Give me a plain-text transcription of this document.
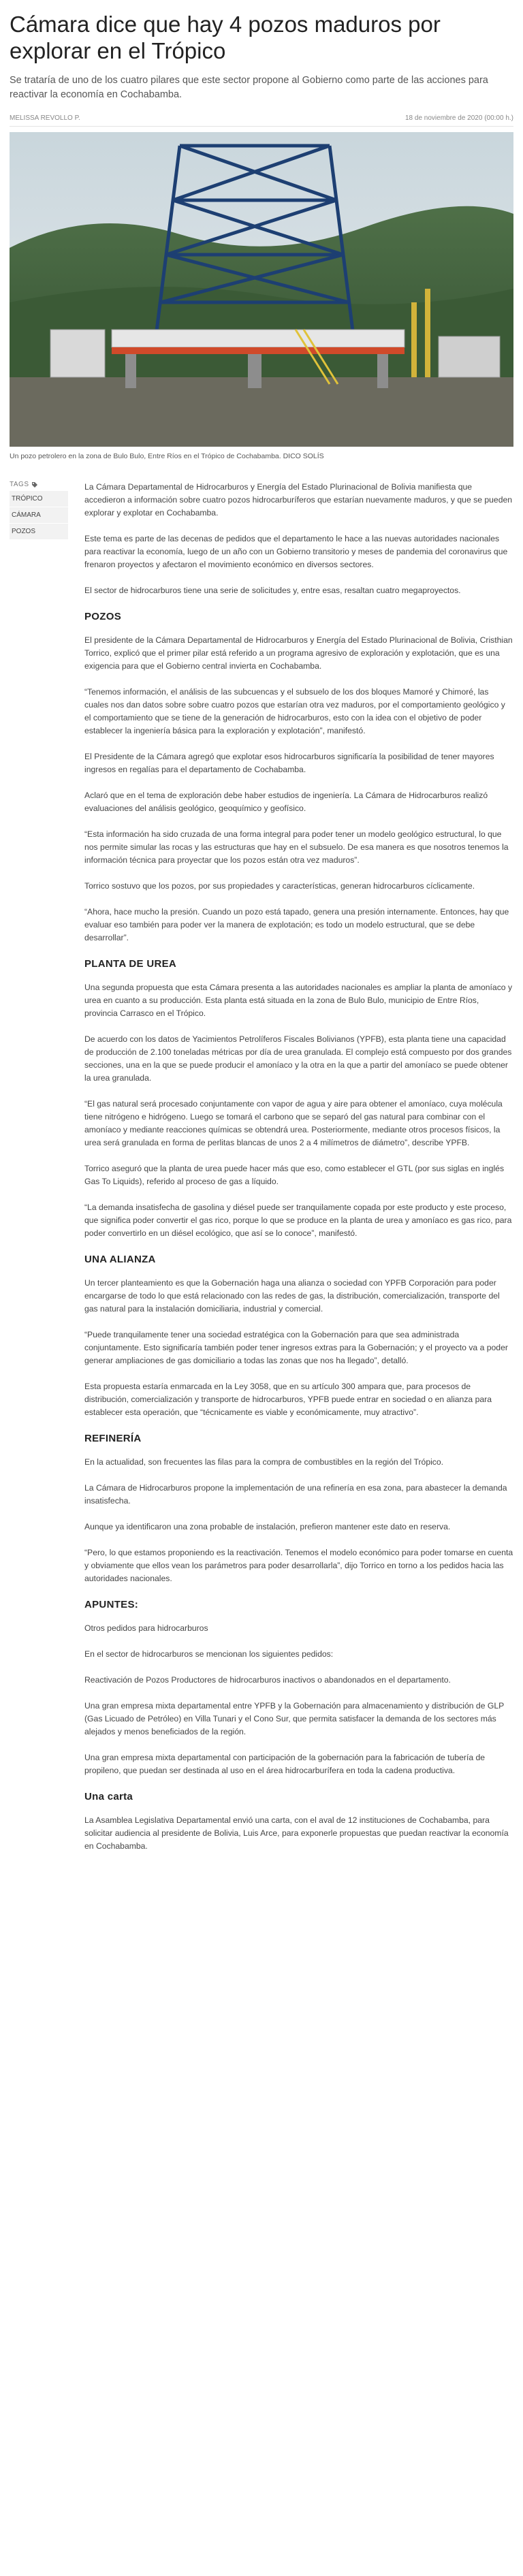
Cámara dice que hay 4 pozos maduros por explorar en el Trópico

Se trataría de uno de los cuatro pilares que este sector propone al Gobierno como parte de las acciones para reactivar la economía en Cochabamba.

MELISSA REVOLLO P.	18 de noviembre de 2020 (00:00 h.)

Un pozo petrolero en la zona de Bulo Bulo, Entre Ríos en el Trópico de Cochabamba. DICO SOLÍS

TAGS
TRÓPICO
CÁMARA
POZOS

La Cámara Departamental de Hidrocarburos y Energía del Estado Plurinacional de Bolivia manifiesta que accedieron a información sobre cuatro pozos hidrocarburíferos que estarían nuevamente maduros, y que se pueden explorar y explotar en Cochabamba.

Este tema es parte de las decenas de pedidos que el departamento le hace a las nuevas autoridades nacionales para reactivar la economía, luego de un año con un Gobierno transitorio y meses de pandemia del coronavirus que frenaron proyectos y afectaron el movimiento económico en diversos sectores.

El sector de hidrocarburos tiene una serie de solicitudes y, entre esas, resaltan cuatro megaproyectos.

POZOS

El presidente de la Cámara Departamental de Hidrocarburos y Energía del Estado Plurinacional de Bolivia, Cristhian Torrico, explicó que el primer pilar está referido a un programa agresivo de exploración y explotación, que es una exigencia para que el Gobierno central invierta en Cochabamba.

“Tenemos información, el análisis de las subcuencas y el subsuelo de los dos bloques Mamoré y Chimoré, las cuales nos dan datos sobre sobre cuatro pozos que estarían otra vez maduros, por el comportamiento geológico y el comportamiento que se tiene de la generación de hidrocarburos, esto con la idea con el objetivo de poder establecer la ingeniería básica para la exploración y explotación”, manifestó.

El Presidente de la Cámara agregó que explotar esos hidrocarburos significaría la posibilidad de tener mayores ingresos en regalías para el departamento de Cochabamba.

Aclaró que en el tema de exploración debe haber estudios de ingeniería. La Cámara de Hidrocarburos realizó evaluaciones del análisis geológico, geoquímico y geofísico.

“Esta información ha sido cruzada de una forma integral para poder tener un modelo geológico estructural, lo que nos permite simular las rocas y las estructuras que hay en el subsuelo. De esa manera es que nosotros tenemos la información técnica para proyectar que los pozos están otra vez maduros”.

Torrico sostuvo que los pozos, por sus propiedades y características, generan hidrocarburos cíclicamente.

“Ahora, hace mucho la presión. Cuando un pozo está tapado, genera una presión internamente. Entonces, hay que evaluar eso también para poder ver la manera de explotación; es todo un modelo estructural, que se debe desarrollar”.

PLANTA DE UREA

Una segunda propuesta que esta Cámara presenta a las autoridades nacionales es ampliar la planta de amoníaco y urea en cuanto a su producción. Esta planta está situada en la zona de Bulo Bulo, municipio de Entre Ríos, provincia Carrasco en el Trópico.

De acuerdo con los datos de Yacimientos Petrolíferos Fiscales Bolivianos (YPFB), esta planta tiene una capacidad de producción de 2.100 toneladas métricas por día de urea granulada. El complejo está compuesto por dos grandes secciones, una en la que se puede producir el amoníaco y la otra en la que a partir del amoníaco se puede obtener la urea granulada.

“El gas natural será procesado conjuntamente con vapor de agua y aire para obtener el amoníaco, cuya molécula tiene nitrógeno e hidrógeno. Luego se tomará el carbono que se separó del gas natural para combinar con el amoníaco y mediante reacciones químicas se obtendrá urea. Posteriormente, mediante otros procesos físicos, la urea será granulada en forma de perlitas blancas de unos 2 a 4 milímetros de diámetro”, describe YPFB.

Torrico aseguró que la planta de urea puede hacer más que eso, como establecer el GTL (por sus siglas en inglés Gas To Liquids), referido al proceso de gas a líquido.

“La demanda insatisfecha de gasolina y diésel puede ser tranquilamente copada por este producto y este proceso, que significa poder convertir el gas rico, porque lo que se produce en la planta de urea y amoníaco es gas rico, para poder convertirlo en un diésel ecológico, que así se lo conoce”, manifestó.

UNA ALIANZA

Un tercer planteamiento es que la Gobernación haga una alianza o sociedad con YPFB Corporación para poder encargarse de todo lo que está relacionado con las redes de gas, la distribución, comercialización, transporte del gas natural para la instalación domiciliaria, industrial y comercial.

“Puede tranquilamente tener una sociedad estratégica con la Gobernación para que sea administrada conjuntamente. Esto significaría también poder tener ingresos extras para la Gobernación; y el proyecto va a poder generar ampliaciones de gas domiciliario a todas las zonas que nos ha llegado”, detalló.

Esta propuesta estaría enmarcada en la Ley 3058, que en su artículo 300 ampara que, para procesos de distribución, comercialización y transporte de hidrocarburos, YPFB puede entrar en sociedad o en alianza para establecer esta operación, que “técnicamente es viable y económicamente, muy atractivo”.

REFINERÍA

En la actualidad, son frecuentes las filas para la compra de combustibles en la región del Trópico.

La Cámara de Hidrocarburos propone la implementación de una refinería en esa zona, para abastecer la demanda insatisfecha.

Aunque ya identificaron una zona probable de instalación, prefieron mantener este dato en reserva.

“Pero, lo que estamos proponiendo es la reactivación. Tenemos el modelo económico para poder tomarse en cuenta y obviamente que ellos vean los parámetros para poder desarrollarla”, dijo Torrico en torno a los pedidos hacia las autoridades nacionales.

APUNTES:

Otros pedidos para hidrocarburos

En el sector de hidrocarburos se mencionan los siguientes pedidos:

Reactivación de Pozos Productores de hidrocarburos inactivos o abandonados en el departamento.

Una gran empresa mixta departamental entre YPFB y la Gobernación para almacenamiento y distribución de GLP (Gas Licuado de Petróleo) en Villa Tunari y el Cono Sur, que permita satisfacer la demanda de los sectores más alejados y menos beneficiados de la región.

Una gran empresa mixta departamental con participación de la gobernación para la fabricación de tubería de propileno, que puedan ser destinada al uso en el área hidrocarburífera en toda la cadena productiva.

Una carta

La Asamblea Legislativa Departamental envió una carta, con el aval de 12 instituciones de Cochabamba, para solicitar audiencia al presidente de Bolivia, Luis Arce, para exponerle propuestas que puedan reactivar la economía en Cochabamba.
